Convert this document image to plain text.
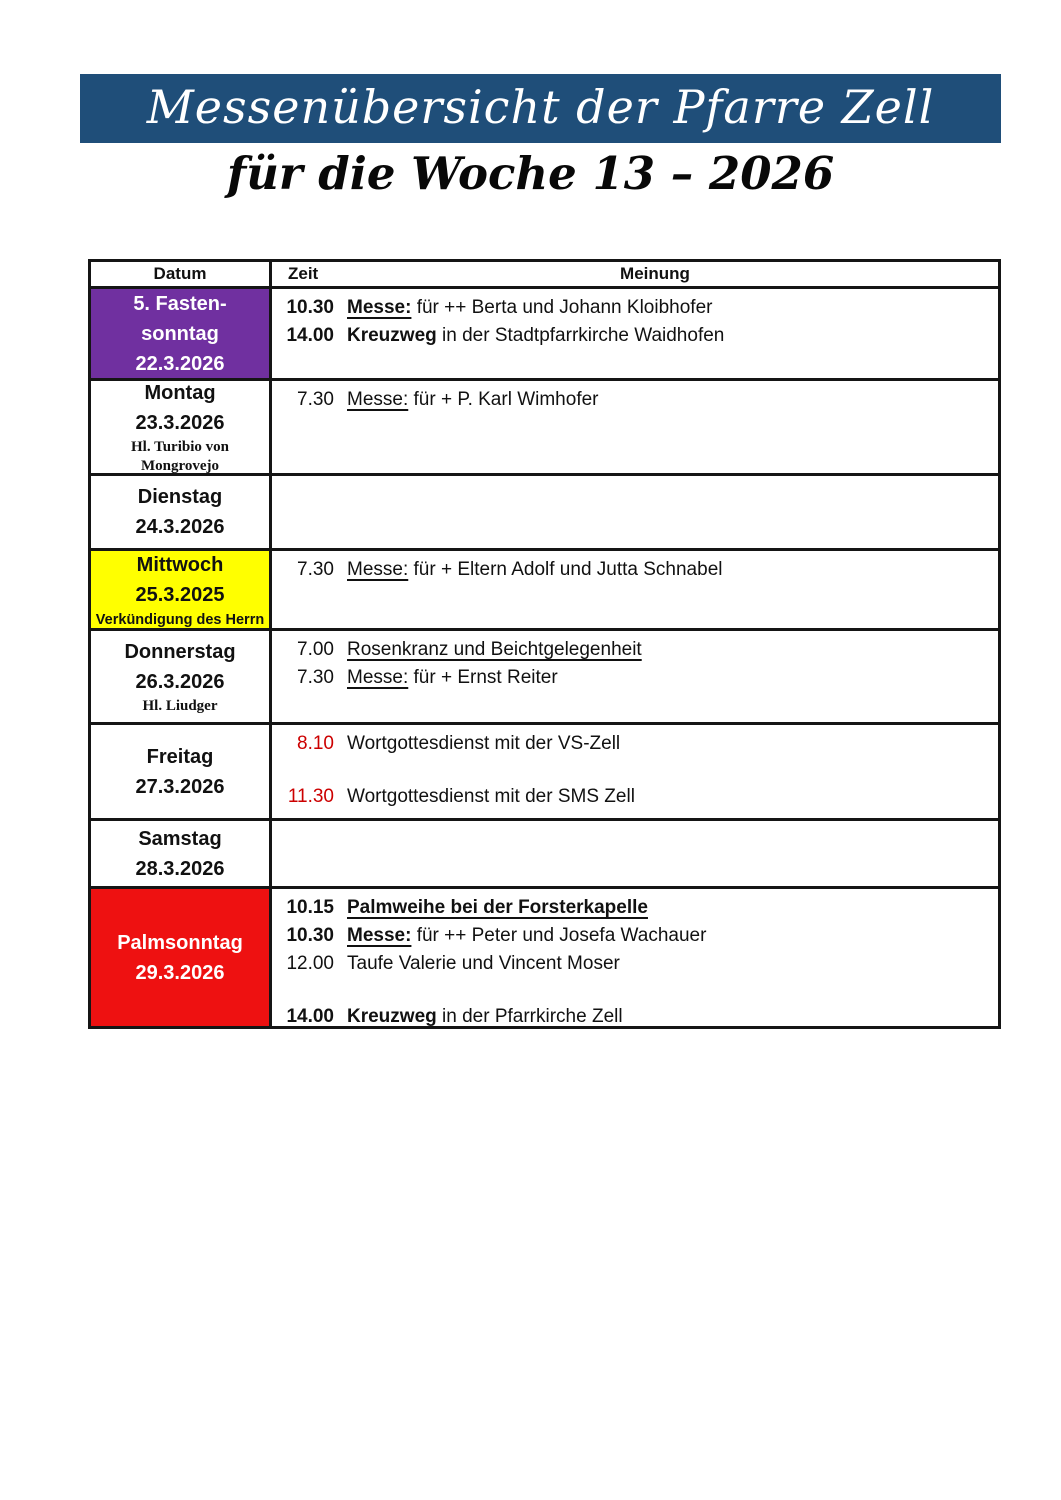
Messenübersicht der Pfarre Zell
für die Woche 13 – 2026
Datum	Zeit	Meinung
5. Fasten-
sonntag
22.3.2026
10.30 Messe: für ++ Berta und Johann Kloibhofer
14.00 Kreuzweg in der Stadtpfarrkirche Waidhofen
Montag
23.3.2026
Hl. Turibio von
Mongrovejo
7.30 Messe: für + P. Karl Wimhofer
Dienstag
24.3.2026
Mittwoch
25.3.2025
Verkündigung des Herrn
7.30 Messe: für + Eltern Adolf und Jutta Schnabel
Donnerstag
26.3.2026
Hl. Liudger
7.00 Rosenkranz und Beichtgelegenheit
7.30 Messe: für + Ernst Reiter
Freitag
27.3.2026
8.10 Wortgottesdienst mit der VS-Zell
11.30 Wortgottesdienst mit der SMS Zell
Samstag
28.3.2026
Palmsonntag
29.3.2026
10.15 Palmweihe bei der Forsterkapelle
10.30 Messe: für ++ Peter und Josefa Wachauer
12.00 Taufe Valerie und Vincent Moser
14.00 Kreuzweg in der Pfarrkirche Zell
